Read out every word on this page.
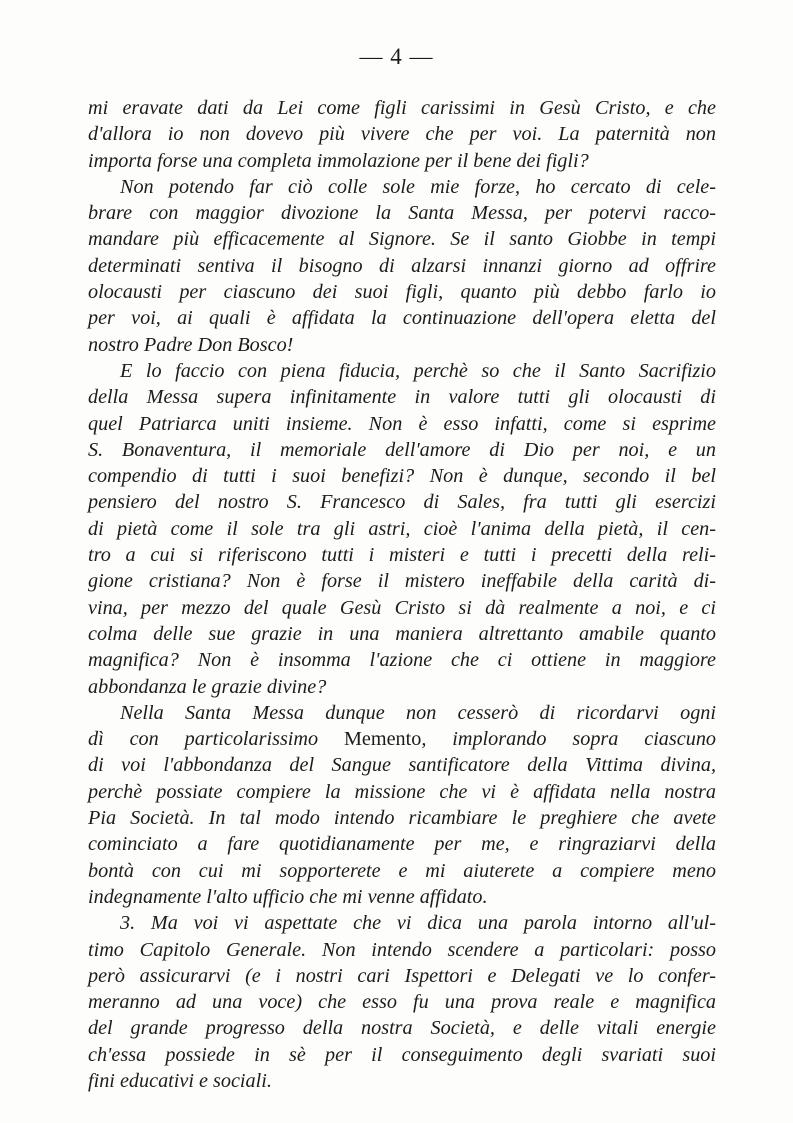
— 4 —
mi eravate dati da Lei come figli carissimi in Gesù Cristo, e che
d'allora io non dovevo più vivere che per voi. La paternità non
importa forse una completa immolazione per il bene dei figli?
Non potendo far ciò colle sole mie forze, ho cercato di cele-
brare con maggior divozione la Santa Messa, per potervi racco-
mandare più efficacemente al Signore. Se il santo Giobbe in tempi
determinati sentiva il bisogno di alzarsi innanzi giorno ad offrire
olocausti per ciascuno dei suoi figli, quanto più debbo farlo io
per voi, ai quali è affidata la continuazione dell'opera eletta del
nostro Padre Don Bosco!
E lo faccio con piena fiducia, perchè so che il Santo Sacrifizio
della Messa supera infinitamente in valore tutti gli olocausti di
quel Patriarca uniti insieme. Non è esso infatti, come si esprime
S. Bonaventura, il memoriale dell'amore di Dio per noi, e un
compendio di tutti i suoi benefizi? Non è dunque, secondo il bel
pensiero del nostro S. Francesco di Sales, fra tutti gli esercizi
di pietà come il sole tra gli astri, cioè l'anima della pietà, il cen-
tro a cui si riferiscono tutti i misteri e tutti i precetti della reli-
gione cristiana? Non è forse il mistero ineffabile della carità di-
vina, per mezzo del quale Gesù Cristo si dà realmente a noi, e ci
colma delle sue grazie in una maniera altrettanto amabile quanto
magnifica? Non è insomma l'azione che ci ottiene in maggiore
abbondanza le grazie divine?
Nella Santa Messa dunque non cesserò di ricordarvi ogni
dì con particolarissimo Memento, implorando sopra ciascuno
di voi l'abbondanza del Sangue santificatore della Vittima divina,
perchè possiate compiere la missione che vi è affidata nella nostra
Pia Società. In tal modo intendo ricambiare le preghiere che avete
cominciato a fare quotidianamente per me, e ringraziarvi della
bontà con cui mi sopporterete e mi aiuterete a compiere meno
indegnamente l'alto ufficio che mi venne affidato.
3. Ma voi vi aspettate che vi dica una parola intorno all'ul-
timo Capitolo Generale. Non intendo scendere a particolari: posso
però assicurarvi (e i nostri cari Ispettori e Delegati ve lo confer-
meranno ad una voce) che esso fu una prova reale e magnifica
del grande progresso della nostra Società, e delle vitali energie
ch'essa possiede in sè per il conseguimento degli svariati suoi
fini educativi e sociali.
